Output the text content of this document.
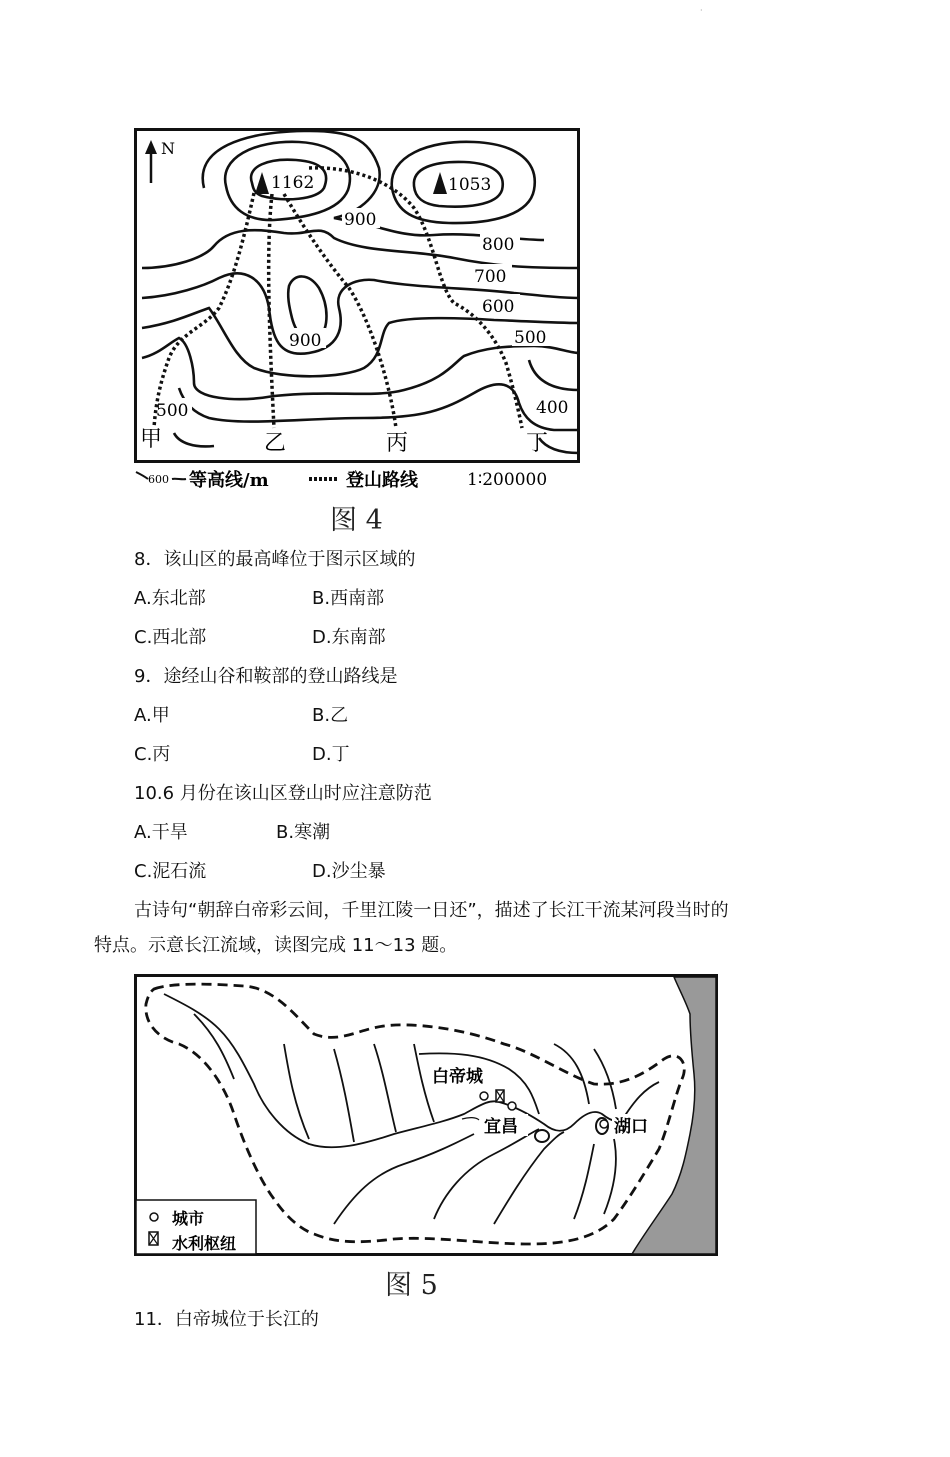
·
N
1162	1053
900
800
700
600
500
900
500	400
甲	乙	丙	丁
600 等高线/m	登山路线	1∶200000
图 4
8．该山区的最高峰位于图示区域的
A.东北部	B.西南部
C.西北部	D.东南部
9．途经山谷和鞍部的登山路线是
A.甲	B.乙
C.丙	D.丁
10.6 月份在该山区登山时应注意防范
A.干旱	B.寒潮
C.泥石流	D.沙尘暴
古诗句“朝辞白帝彩云间，千里江陵一日还”，描述了长江干流某河段当时的
特点。示意长江流域，读图完成 11～13 题。
白帝城
宜昌	湖口
城市
水利枢纽
图 5
11．白帝城位于长江的
